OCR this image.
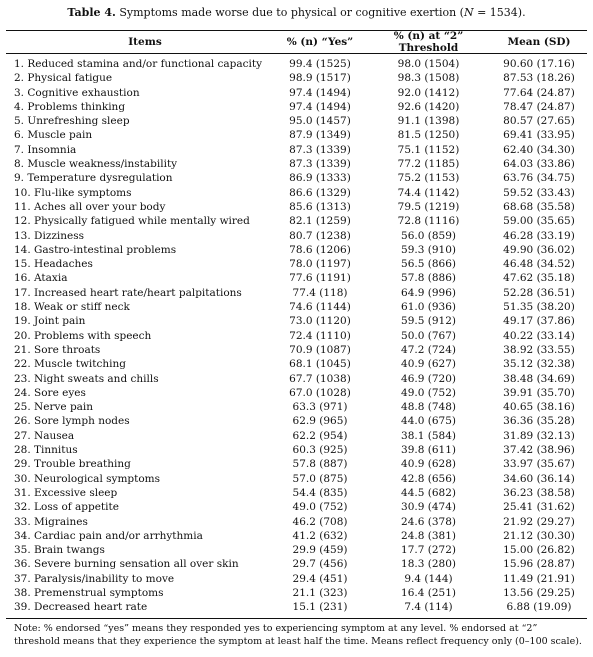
Table 4. Symptoms made worse due to physical or cognitive exertion (N = 1534).
Items	% (n) “Yes”	% (n) at “2” Threshold	Mean (SD)
1. Reduced stamina and/or functional capacity	99.4 (1525)	98.0 (1504)	90.60 (17.16)
2. Physical fatigue	98.9 (1517)	98.3 (1508)	87.53 (18.26)
3. Cognitive exhaustion	97.4 (1494)	92.0 (1412)	77.64 (24.87)
4. Problems thinking	97.4 (1494)	92.6 (1420)	78.47 (24.87)
5. Unrefreshing sleep	95.0 (1457)	91.1 (1398)	80.57 (27.65)
6. Muscle pain	87.9 (1349)	81.5 (1250)	69.41 (33.95)
7. Insomnia	87.3 (1339)	75.1 (1152)	62.40 (34.30)
8. Muscle weakness/instability	87.3 (1339)	77.2 (1185)	64.03 (33.86)
9. Temperature dysregulation	86.9 (1333)	75.2 (1153)	63.76 (34.75)
10. Flu-like symptoms	86.6 (1329)	74.4 (1142)	59.52 (33.43)
11. Aches all over your body	85.6 (1313)	79.5 (1219)	68.68 (35.58)
12. Physically fatigued while mentally wired	82.1 (1259)	72.8 (1116)	59.00 (35.65)
13. Dizziness	80.7 (1238)	56.0 (859)	46.28 (33.19)
14. Gastro-intestinal problems	78.6 (1206)	59.3 (910)	49.90 (36.02)
15. Headaches	78.0 (1197)	56.5 (866)	46.48 (34.52)
16. Ataxia	77.6 (1191)	57.8 (886)	47.62 (35.18)
17. Increased heart rate/heart palpitations	77.4 (118)	64.9 (996)	52.28 (36.51)
18. Weak or stiff neck	74.6 (1144)	61.0 (936)	51.35 (38.20)
19. Joint pain	73.0 (1120)	59.5 (912)	49.17 (37.86)
20. Problems with speech	72.4 (1110)	50.0 (767)	40.22 (33.14)
21. Sore throats	70.9 (1087)	47.2 (724)	38.92 (33.55)
22. Muscle twitching	68.1 (1045)	40.9 (627)	35.12 (32.38)
23. Night sweats and chills	67.7 (1038)	46.9 (720)	38.48 (34.69)
24. Sore eyes	67.0 (1028)	49.0 (752)	39.91 (35.70)
25. Nerve pain	63.3 (971)	48.8 (748)	40.65 (38.16)
26. Sore lymph nodes	62.9 (965)	44.0 (675)	36.36 (35.28)
27. Nausea	62.2 (954)	38.1 (584)	31.89 (32.13)
28. Tinnitus	60.3 (925)	39.8 (611)	37.42 (38.96)
29. Trouble breathing	57.8 (887)	40.9 (628)	33.97 (35.67)
30. Neurological symptoms	57.0 (875)	42.8 (656)	34.60 (36.14)
31. Excessive sleep	54.4 (835)	44.5 (682)	36.23 (38.58)
32. Loss of appetite	49.0 (752)	30.9 (474)	25.41 (31.62)
33. Migraines	46.2 (708)	24.6 (378)	21.92 (29.27)
34. Cardiac pain and/or arrhythmia	41.2 (632)	24.8 (381)	21.12 (30.30)
35. Brain twangs	29.9 (459)	17.7 (272)	15.00 (26.82)
36. Severe burning sensation all over skin	29.7 (456)	18.3 (280)	15.96 (28.87)
37. Paralysis/inability to move	29.4 (451)	9.4 (144)	11.49 (21.91)
38. Premenstrual symptoms	21.1 (323)	16.4 (251)	13.56 (29.25)
39. Decreased heart rate	15.1 (231)	7.4 (114)	6.88 (19.09)
Note: % endorsed “yes” means they responded yes to experiencing symptom at any level. % endorsed at “2”
threshold means that they experience the symptom at least half the time. Means reflect frequency only (0–100 scale).
